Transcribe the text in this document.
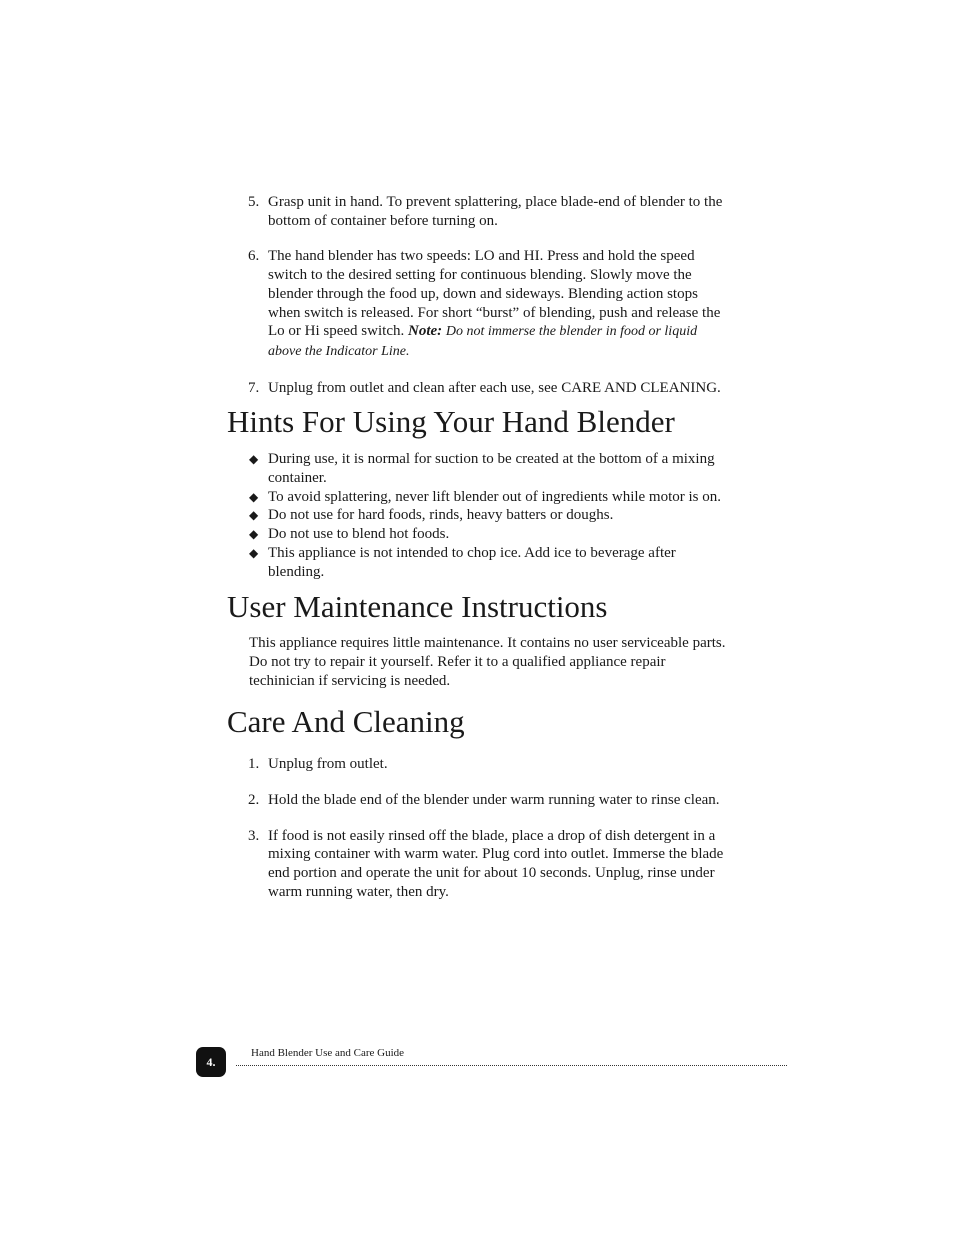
5. Grasp unit in hand. To prevent splattering, place blade-end of blender to the bottom of container before turning on.
6. The hand blender has two speeds: LO and HI. Press and hold the speed switch to the desired setting for continuous blending. Slowly move the blender through the food up, down and sideways. Blending action stops when switch is released. For short “burst” of blending, push and release the Lo or Hi speed switch. Note: Do not immerse the blender in food or liquid above the Indicator Line.
7. Unplug from outlet and clean after each use, see CARE AND CLEANING.
Hints For Using Your Hand Blender
◆ During use, it is normal for suction to be created at the bottom of a mixing container.
◆ To avoid splattering, never lift blender out of ingredients while motor is on.
◆ Do not use for hard foods, rinds, heavy batters or doughs.
◆ Do not use to blend hot foods.
◆ This appliance is not intended to chop ice. Add ice to beverage after blending.
User Maintenance Instructions

This appliance requires little maintenance. It contains no user serviceable parts. Do not try to repair it yourself. Refer it to a qualified appliance repair techinician if servicing is needed.

Care And Cleaning
1. Unplug from outlet.
2. Hold the blade end of the blender under warm running water to rinse clean.
3. If food is not easily rinsed off the blade, place a drop of dish detergent in a mixing container with warm water. Plug cord into outlet. Immerse the blade end portion and operate the unit for about 10 seconds. Unplug, rinse under warm running water, then dry.
4.
Hand Blender Use and Care Guide
